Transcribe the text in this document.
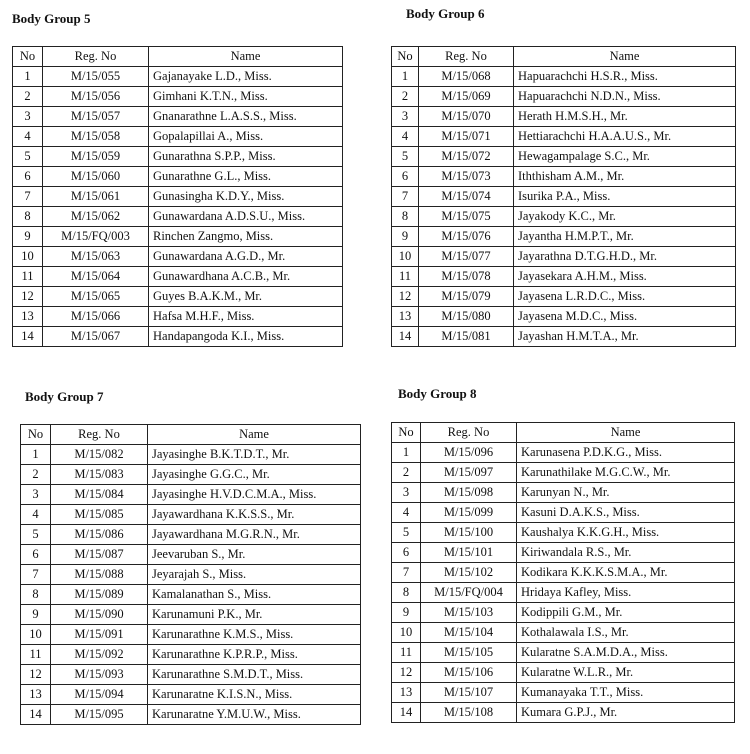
Body Group 5
No	Reg. No	Name
1	M/15/055	Gajanayake L.D., Miss.
2	M/15/056	Gimhani K.T.N., Miss.
3	M/15/057	Gnanarathne L.A.S.S., Miss.
4	M/15/058	Gopalapillai A., Miss.
5	M/15/059	Gunarathna S.P.P., Miss.
6	M/15/060	Gunarathne G.L., Miss.
7	M/15/061	Gunasingha K.D.Y., Miss.
8	M/15/062	Gunawardana A.D.S.U., Miss.
9	M/15/FQ/003	Rinchen Zangmo, Miss.
10	M/15/063	Gunawardana A.G.D., Mr.
11	M/15/064	Gunawardhana A.C.B., Mr.
12	M/15/065	Guyes B.A.K.M., Mr.
13	M/15/066	Hafsa M.H.F., Miss.
14	M/15/067	Handapangoda K.I., Miss.
Body Group 6
No	Reg. No	Name
1	M/15/068	Hapuarachchi H.S.R., Miss.
2	M/15/069	Hapuarachchi N.D.N., Miss.
3	M/15/070	Herath H.M.S.H., Mr.
4	M/15/071	Hettiarachchi H.A.A.U.S., Mr.
5	M/15/072	Hewagampalage S.C., Mr.
6	M/15/073	Iththisham A.M., Mr.
7	M/15/074	Isurika P.A., Miss.
8	M/15/075	Jayakody K.C., Mr.
9	M/15/076	Jayantha H.M.P.T., Mr.
10	M/15/077	Jayarathna D.T.G.H.D., Mr.
11	M/15/078	Jayasekara A.H.M., Miss.
12	M/15/079	Jayasena L.R.D.C., Miss.
13	M/15/080	Jayasena M.D.C., Miss.
14	M/15/081	Jayashan H.M.T.A., Mr.
Body Group 7
No	Reg. No	Name
1	M/15/082	Jayasinghe B.K.T.D.T., Mr.
2	M/15/083	Jayasinghe G.G.C., Mr.
3	M/15/084	Jayasinghe H.V.D.C.M.A., Miss.
4	M/15/085	Jayawardhana K.K.S.S., Mr.
5	M/15/086	Jayawardhana M.G.R.N., Mr.
6	M/15/087	Jeevaruban S., Mr.
7	M/15/088	Jeyarajah S., Miss.
8	M/15/089	Kamalanathan S., Miss.
9	M/15/090	Karunamuni P.K., Mr.
10	M/15/091	Karunarathne K.M.S., Miss.
11	M/15/092	Karunarathne K.P.R.P., Miss.
12	M/15/093	Karunarathne S.M.D.T., Miss.
13	M/15/094	Karunaratne K.I.S.N., Miss.
14	M/15/095	Karunaratne Y.M.U.W., Miss.
Body Group 8
No	Reg. No	Name
1	M/15/096	Karunasena P.D.K.G., Miss.
2	M/15/097	Karunathilake M.G.C.W., Mr.
3	M/15/098	Karunyan N., Mr.
4	M/15/099	Kasuni D.A.K.S., Miss.
5	M/15/100	Kaushalya K.K.G.H., Miss.
6	M/15/101	Kiriwandala R.S., Mr.
7	M/15/102	Kodikara K.K.K.S.M.A., Mr.
8	M/15/FQ/004	Hridaya Kafley, Miss.
9	M/15/103	Kodippili G.M., Mr.
10	M/15/104	Kothalawala I.S., Mr.
11	M/15/105	Kularatne S.A.M.D.A., Miss.
12	M/15/106	Kularatne W.L.R., Mr.
13	M/15/107	Kumanayaka T.T., Miss.
14	M/15/108	Kumara G.P.J., Mr.
